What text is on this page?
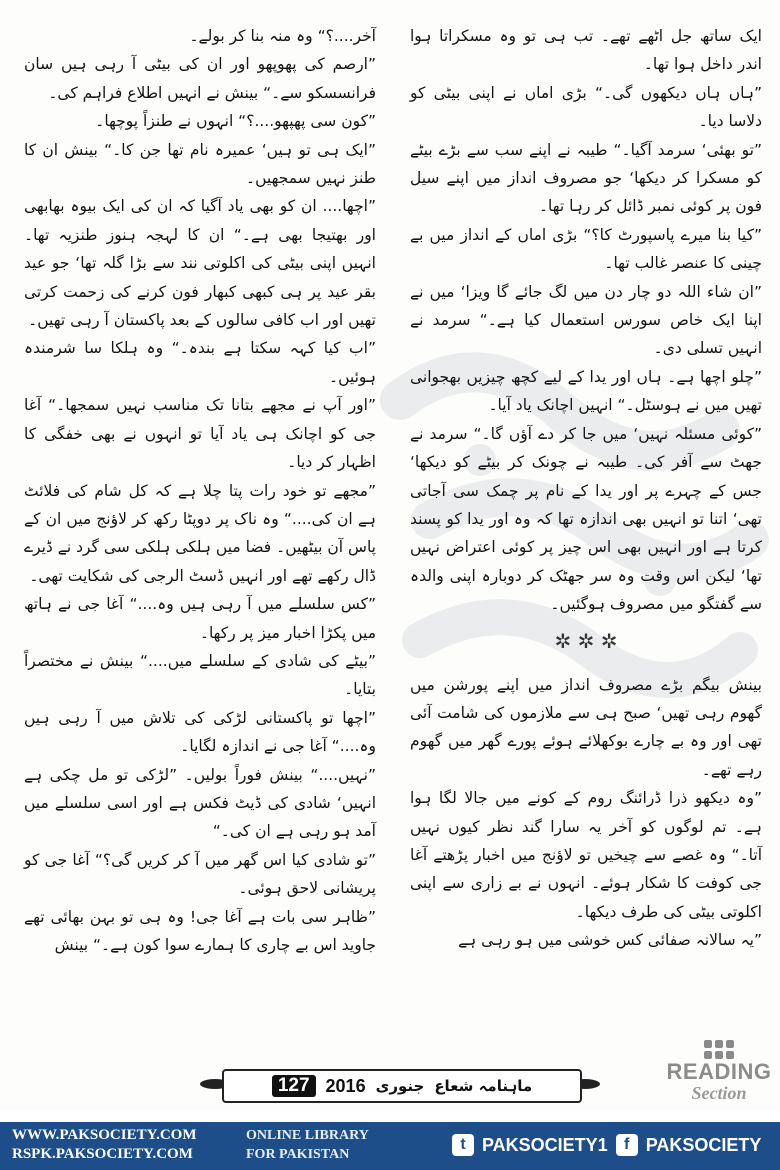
ایک ساتھ جل اٹھے تھے۔ تب ہی تو وہ مسکراتا ہوا اندر داخل ہوا تھا۔

”ہاں ہاں دیکھوں گی۔“ بڑی اماں نے اپنی بیٹی کو دلاسا دیا۔

”تو بھئی‘ سرمد آگیا۔“ طیبہ نے اپنے سب سے بڑے بیٹے کو مسکرا کر دیکھا‘ جو مصروف انداز میں اپنے سیل فون پر کوئی نمبر ڈائل کر رہا تھا۔

”کیا بنا میرے پاسپورٹ کا؟“ بڑی اماں کے انداز میں بے چینی کا عنصر غالب تھا۔

”ان شاء اللہ دو چار دن میں لگ جائے گا ویزا‘ میں نے اپنا ایک خاص سورس استعمال کیا ہے۔“ سرمد نے انہیں تسلی دی۔

”چلو اچھا ہے۔ ہاں اور یدا کے لیے کچھ چیزیں بھجوانی تھیں میں نے ہوسٹل۔“ انہیں اچانک یاد آیا۔

”کوئی مسئلہ نہیں‘ میں جا کر دے آؤں گا۔“ سرمد نے جھٹ سے آفر کی۔ طیبہ نے چونک کر بیٹے کو دیکھا‘ جس کے چہرے پر اور یدا کے نام پر چمک سی آجاتی تھی‘ اتنا تو انہیں بھی اندازہ تھا کہ وہ اور یدا کو پسند کرتا ہے اور انہیں بھی اس چیز پر کوئی اعتراض نہیں تھا‘ لیکن اس وقت وہ سر جھٹک کر دوبارہ اپنی والدہ سے گفتگو میں مصروف ہوگئیں۔

✲ ✲ ✲

بینش بیگم بڑے مصروف انداز میں اپنے پورشن میں گھوم رہی تھیں‘ صبح ہی سے ملازموں کی شامت آئی تھی اور وہ بے چارے بوکھلائے ہوئے پورے گھر میں گھوم رہے تھے۔

”وہ دیکھو ذرا ڈرائنگ روم کے کونے میں جالا لگا ہوا ہے۔ تم لوگوں کو آخر یہ سارا گند نظر کیوں نہیں آتا۔“ وہ غصے سے چیخیں تو لاؤنج میں اخبار پڑھتے آغا جی کوفت کا شکار ہوئے۔ انہوں نے بے زاری سے اپنی اکلوتی بیٹی کی طرف دیکھا۔

”یہ سالانہ صفائی کس خوشی میں ہو رہی ہے

آخر....؟“ وہ منہ بنا کر بولے۔

”ارصم کی پھوپھو اور ان کی بیٹی آ رہی ہیں سان فرانسسکو سے۔“ بینش نے انہیں اطلاع فراہم کی۔

”کون سی پھپھو....؟“ انہوں نے طنزاً پوچھا۔

”ایک ہی تو ہیں‘ عمیرہ نام تھا جن کا۔“ بینش ان کا طنز نہیں سمجھیں۔

”اچھا.... ان کو بھی یاد آگیا کہ ان کی ایک بیوہ بھابھی اور بھتیجا بھی ہے۔“ ان کا لہجہ ہنوز طنزیہ تھا۔ انہیں اپنی بیٹی کی اکلوتی نند سے بڑا گلہ تھا‘ جو عید بقر عید پر ہی کبھی کبھار فون کرنے کی زحمت کرتی تھیں اور اب کافی سالوں کے بعد پاکستان آ رہی تھیں۔

”اب کیا کہہ سکتا ہے بندہ۔“ وہ ہلکا سا شرمندہ ہوئیں۔

”اور آپ نے مجھے بتانا تک مناسب نہیں سمجھا۔“ آغا جی کو اچانک ہی یاد آیا تو انہوں نے بھی خفگی کا اظہار کر دیا۔

”مجھے تو خود رات پتا چلا ہے کہ کل شام کی فلائٹ ہے ان کی....“ وہ ناک پر دوپٹا رکھ کر لاؤنج میں ان کے پاس آن بیٹھیں۔ فضا میں ہلکی ہلکی سی گرد نے ڈیرے ڈال رکھے تھے اور انہیں ڈسٹ الرجی کی شکایت تھی۔

”کس سلسلے میں آ رہی ہیں وہ....“ آغا جی نے ہاتھ میں پکڑا اخبار میز پر رکھا۔

”بیٹے کی شادی کے سلسلے میں....“ بینش نے مختصراً بتایا۔

”اچھا تو پاکستانی لڑکی کی تلاش میں آ رہی ہیں وہ....“ آغا جی نے اندازہ لگایا۔

”نہیں....“ بینش فوراً بولیں۔ ”لڑکی تو مل چکی ہے انہیں‘ شادی کی ڈیٹ فکس ہے اور اسی سلسلے میں آمد ہو رہی ہے ان کی۔“

”تو شادی کیا اس گھر میں آ کر کریں گی؟“ آغا جی کو پریشانی لاحق ہوئی۔

”ظاہر سی بات ہے آغا جی! وہ ہی تو بہن بھائی تھے جاوید اس بے چاری کا ہمارے سوا کون ہے۔“ بینش

ماہنامہ شعاع
جنوری
2016
127
READING
Section
WWW.PAKSOCIETY.COM
RSPK.PAKSOCIETY.COM
ONLINE LIBRARY
FOR PAKISTAN
t PAKSOCIETY1	f PAKSOCIETY
